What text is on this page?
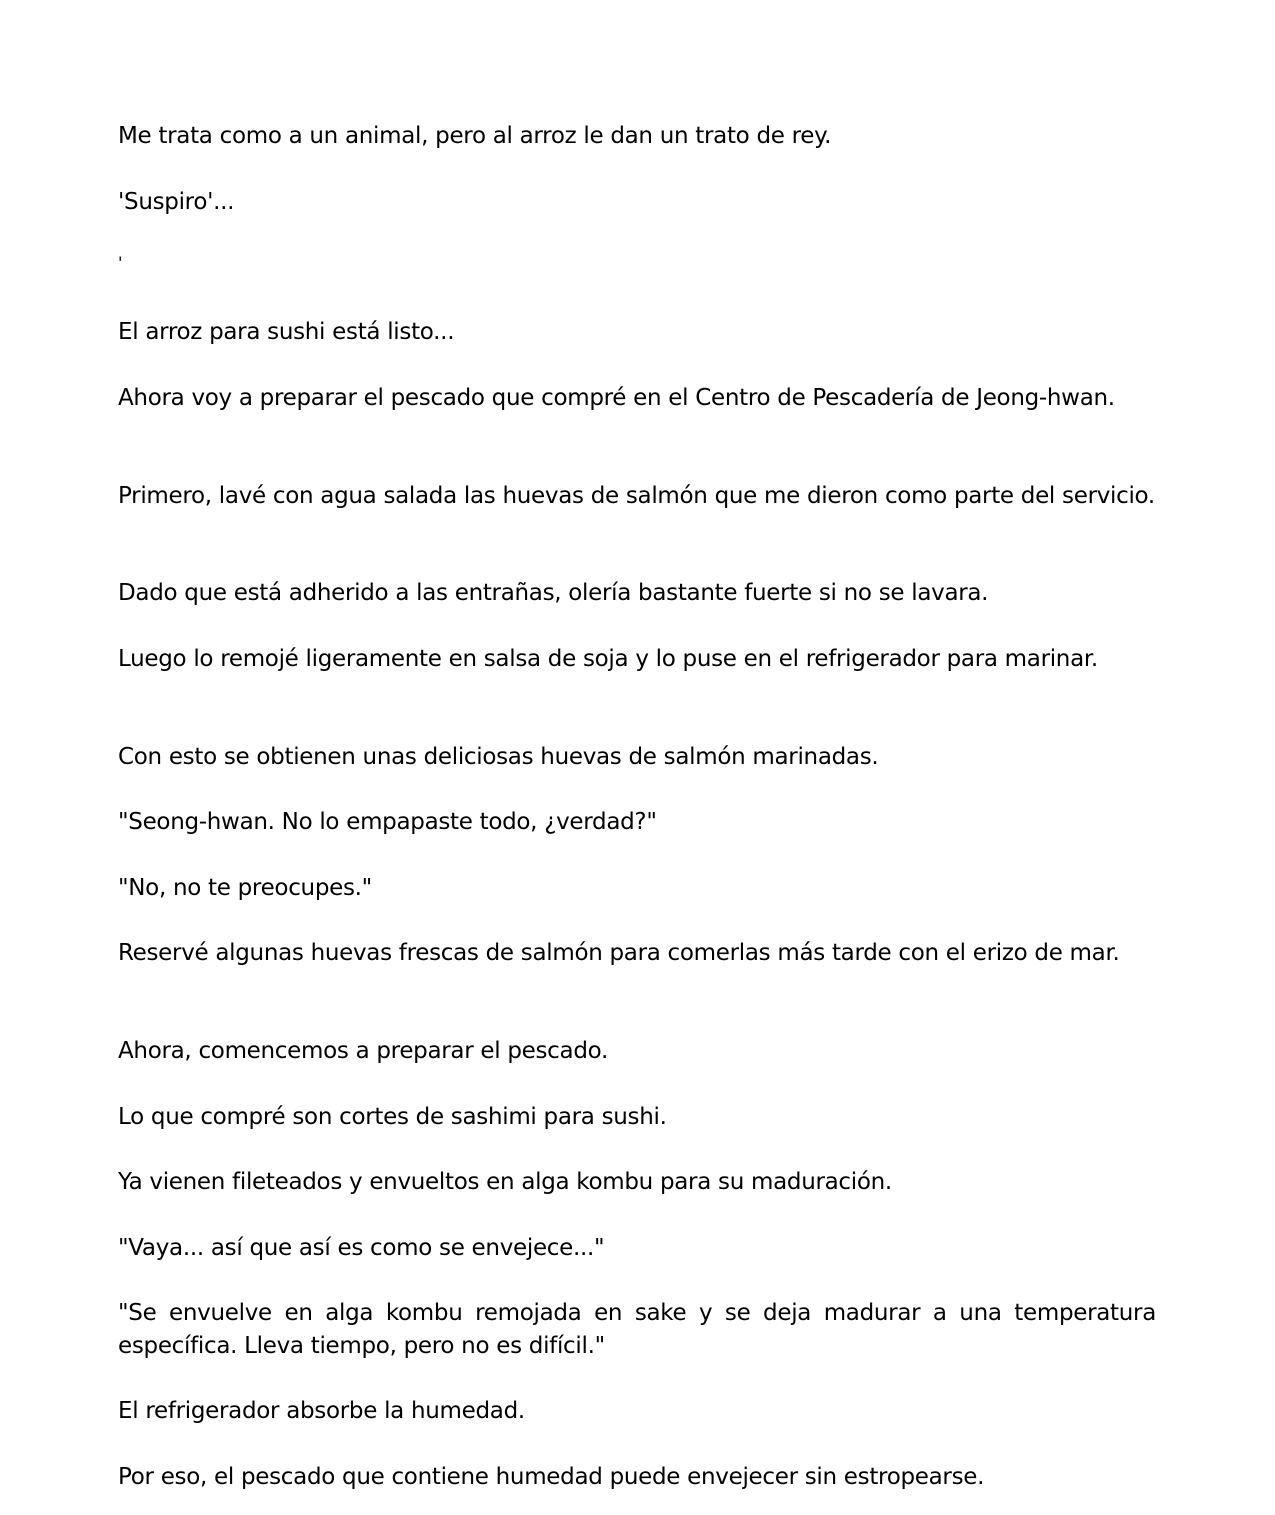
Me trata como a un animal, pero al arroz le dan un trato de rey.

'Suspiro'...

'

El arroz para sushi está listo...

Ahora voy a preparar el pescado que compré en el Centro de Pescadería de Jeong-hwan.

Primero, lavé con agua salada las huevas de salmón que me dieron como parte del servicio.

Dado que está adherido a las entrañas, olería bastante fuerte si no se lavara.

Luego lo remojé ligeramente en salsa de soja y lo puse en el refrigerador para marinar.

Con esto se obtienen unas deliciosas huevas de salmón marinadas.

"Seong-hwan. No lo empapaste todo, ¿verdad?"

"No, no te preocupes."

Reservé algunas huevas frescas de salmón para comerlas más tarde con el erizo de mar.

Ahora, comencemos a preparar el pescado.

Lo que compré son cortes de sashimi para sushi.

Ya vienen fileteados y envueltos en alga kombu para su maduración.

"Vaya... así que así es como se envejece..."

"Se envuelve en alga kombu remojada en sake y se deja madurar a una temperatura específica. Lleva tiempo, pero no es difícil."

El refrigerador absorbe la humedad.

Por eso, el pescado que contiene humedad puede envejecer sin estropearse.
